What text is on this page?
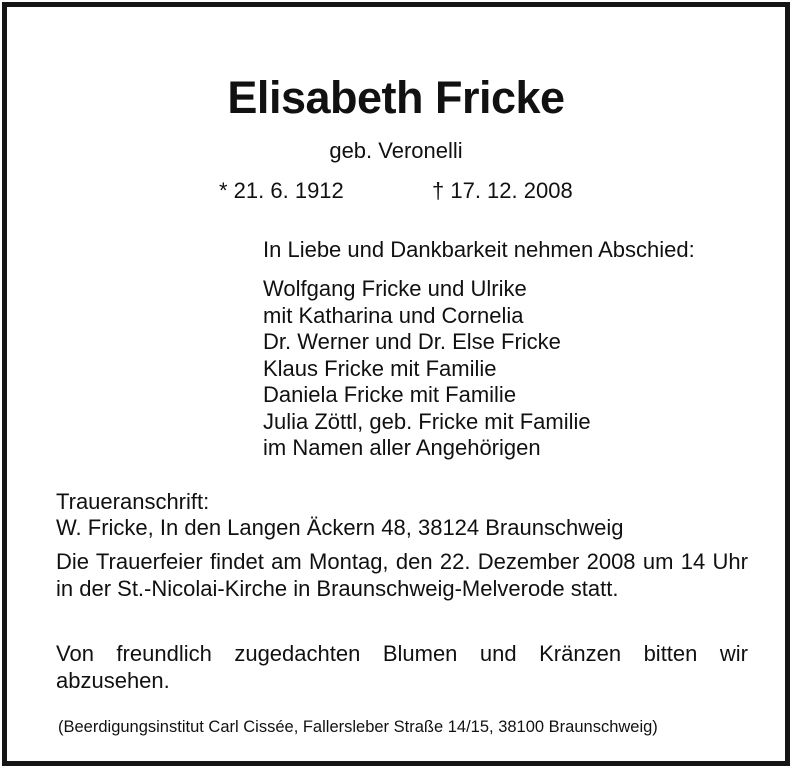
Elisabeth Fricke
geb. Veronelli
* 21. 6. 1912	† 17. 12. 2008
In Liebe und Dankbarkeit nehmen Abschied:
Wolfgang Fricke und Ulrike
mit Katharina und Cornelia
Dr. Werner und Dr. Else Fricke
Klaus Fricke mit Familie
Daniela Fricke mit Familie
Julia Zöttl, geb. Fricke mit Familie
im Namen aller Angehörigen
Traueranschrift:
W. Fricke, In den Langen Äckern 48, 38124 Braunschweig

Die Trauerfeier findet am Montag, den 22. Dezember 2008 um 14 Uhr in der St.-Nicolai-Kirche in Braunschweig-Melverode statt.

Von freundlich zugedachten Blumen und Kränzen bitten wir abzusehen.

(Beerdigungsinstitut Carl Cissée, Fallersleber Straße 14/15, 38100 Braunschweig)
